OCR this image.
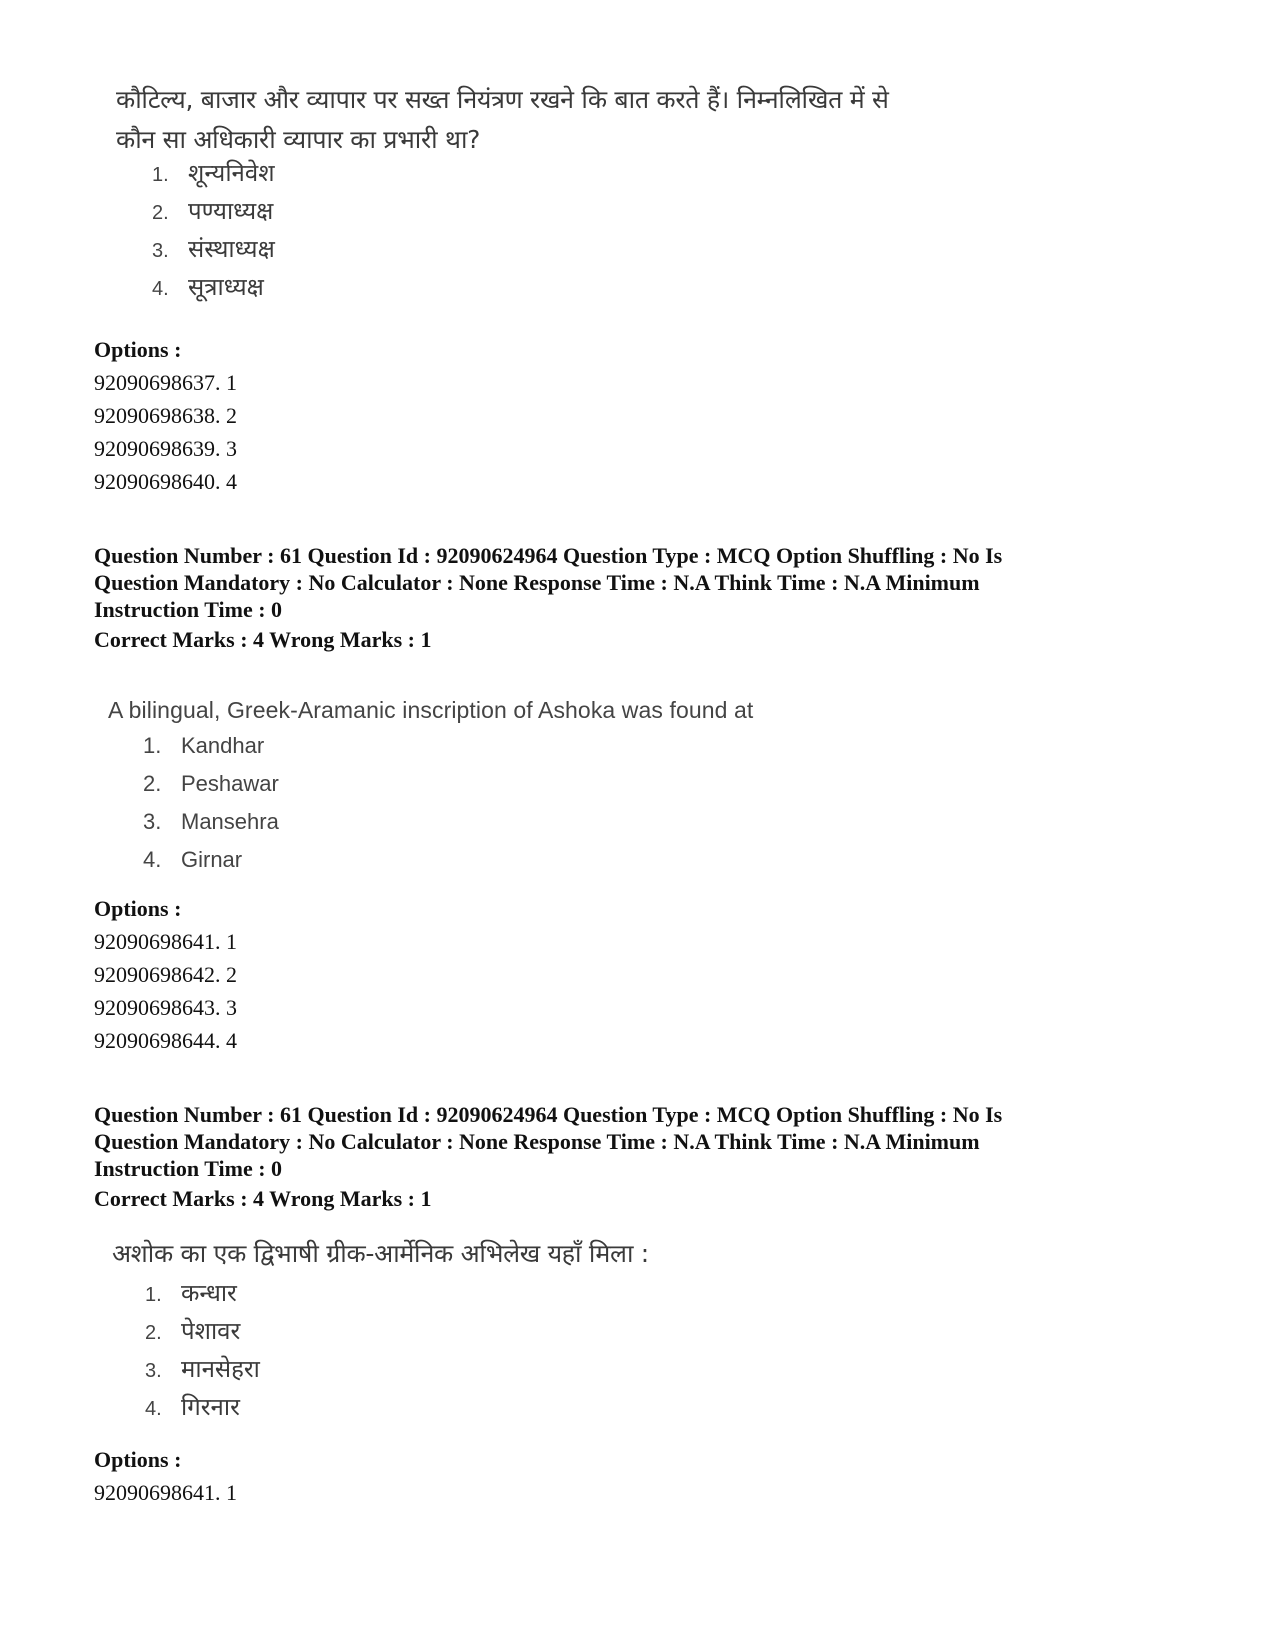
कौटिल्य, बाजार और व्यापार पर सख्त नियंत्रण रखने कि बात करते हैं। निम्नलिखित में से
कौन सा अधिकारी व्यापार का प्रभारी था?
1. शून्यनिवेश
2. पण्याध्यक्ष
3. संस्थाध्यक्ष
4. सूत्राध्यक्ष
Options :
92090698637. 1
92090698638. 2
92090698639. 3
92090698640. 4
Question Number : 61 Question Id : 92090624964 Question Type : MCQ Option Shuffling : No Is
Question Mandatory : No Calculator : None Response Time : N.A Think Time : N.A Minimum
Instruction Time : 0
Correct Marks : 4 Wrong Marks : 1
A bilingual, Greek-Aramanic inscription of Ashoka was found at
1. Kandhar
2. Peshawar
3. Mansehra
4. Girnar
Options :
92090698641. 1
92090698642. 2
92090698643. 3
92090698644. 4
Question Number : 61 Question Id : 92090624964 Question Type : MCQ Option Shuffling : No Is
Question Mandatory : No Calculator : None Response Time : N.A Think Time : N.A Minimum
Instruction Time : 0
Correct Marks : 4 Wrong Marks : 1
अशोक का एक द्विभाषी ग्रीक-आर्मेनिक अभिलेख यहाँ मिला :
1. कन्धार
2. पेशावर
3. मानसेहरा
4. गिरनार
Options :
92090698641. 1
